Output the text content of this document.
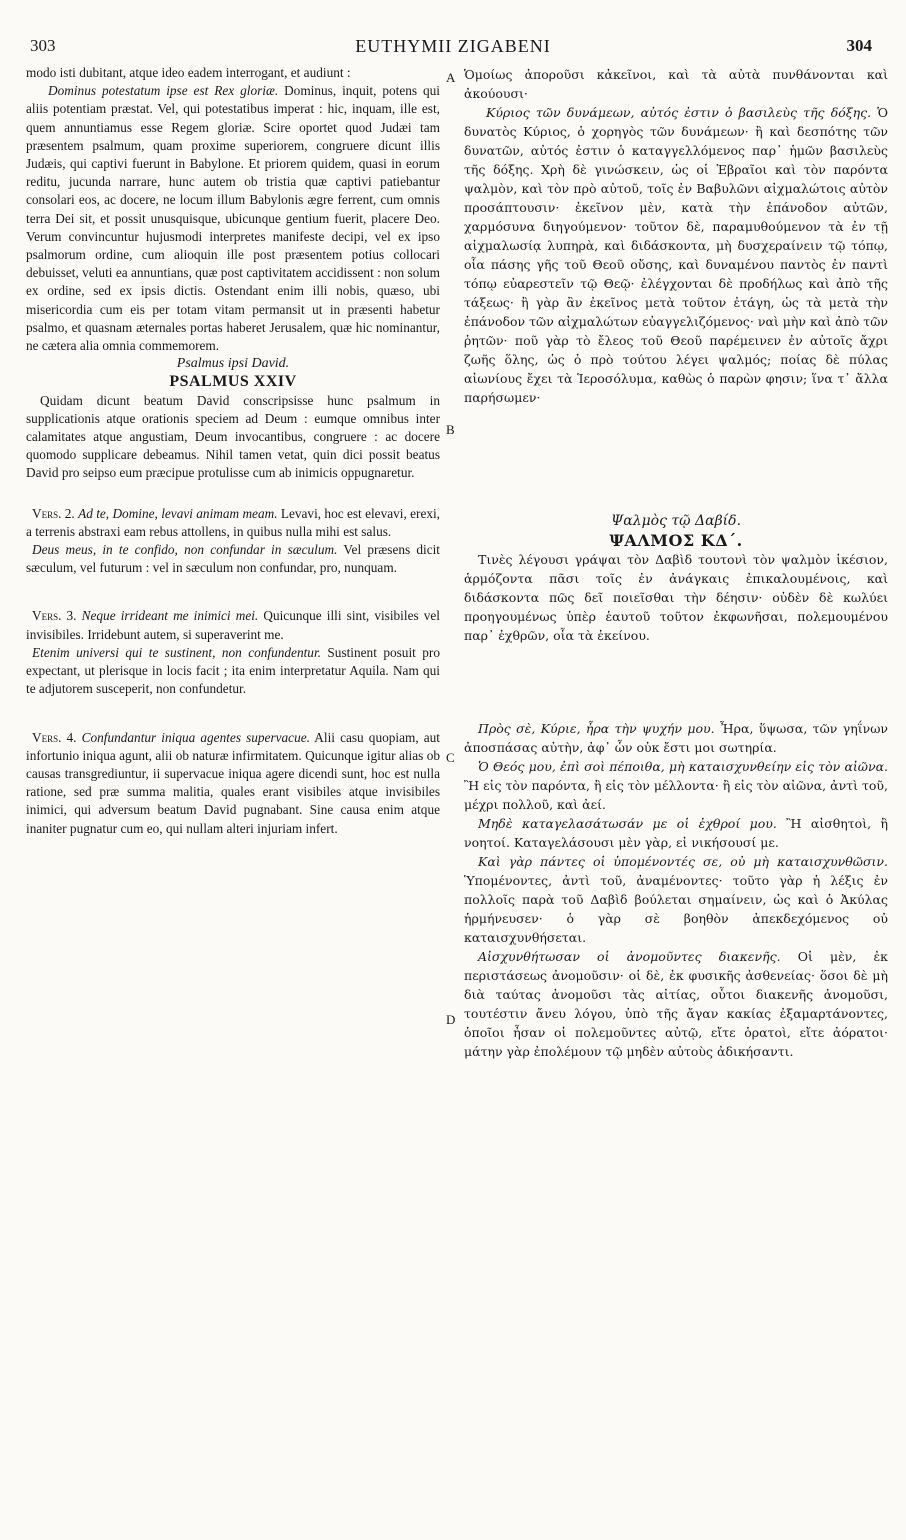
303	EUTHYMII ZIGABENI	304
A
B
C
D

modo isti dubitant, atque ideo eadem interrogant, et audiunt :

Dominus potestatum ipse est Rex gloriæ. Dominus, inquit, potens qui aliis potentiam præstat. Vel, qui potestatibus imperat : hic, inquam, ille est, quem annuntiamus esse Regem gloriæ. Scire oportet quod Judæi tam præsentem psalmum, quam proxime superiorem, congruere dicunt illis Judæis, qui captivi fuerunt in Babylone. Et priorem quidem, quasi in eorum reditu, jucunda narrare, hunc autem ob tristia quæ captivi patiebantur consolari eos, ac docere, ne locum illum Babylonis ægre ferrent, cum omnis terra Dei sit, et possit unusquisque, ubicunque gentium fuerit, placere Deo. Verum convincuntur hujusmodi interpretes manifeste decipi, vel ex ipso psalmorum ordine, cum alioquin ille post præsentem potius collocari debuisset, veluti ea annuntians, quæ post captivitatem accidissent : non solum ex ordine, sed ex ipsis dictis. Ostendant enim illi nobis, quæso, ubi misericordia cum eis per totam vitam permansit ut in præsenti habetur psalmo, et quasnam æternales portas haberet Jerusalem, quæ hic nominantur, ne cætera alia omnia commemorem.

Psalmus ipsi David.

PSALMUS XXIV

Quidam dicunt beatum David conscripsisse hunc psalmum in supplicationis atque orationis speciem ad Deum : eumque omnibus inter calamitates atque angustiam, Deum invocantibus, congruere : ac docere quomodo supplicare debeamus. Nihil tamen vetat, quin dici possit beatus David pro seipso eum præcipue protulisse cum ab inimicis oppugnaretur.

Vers. 2. Ad te, Domine, levavi animam meam. Levavi, hoc est elevavi, erexi, a terrenis abstraxi eam rebus attollens, in quibus nulla mihi est salus.

Deus meus, in te confido, non confundar in sæculum. Vel præsens dicit sæculum, vel futurum : vel in sæculum non confundar, pro, nunquam.

Vers. 3. Neque irrideant me inimici mei. Quicunque illi sint, visibiles vel invisibiles. Irridebunt autem, si superaverint me.

Etenim universi qui te sustinent, non confundentur. Sustinent posuit pro expectant, ut plerisque in locis facit ; ita enim interpretatur Aquila. Nam qui te adjutorem susceperit, non confundetur.

Vers. 4. Confundantur iniqua agentes supervacue. Alii casu quopiam, aut infortunio iniqua agunt, alii ob naturæ infirmitatem. Quicunque igitur alias ob causas transgrediuntur, ii supervacue iniqua agere dicendi sunt, hoc est nulla ratione, sed præ summa malitia, quales erant visibiles atque invisibiles inimici, qui adversum beatum David pugnabant. Sine causa enim atque inaniter pugnatur cum eo, qui nullam alteri injuriam infert.

Ὁμοίως ἀποροῦσι κἀκεῖνοι, καὶ τὰ αὐτὰ πυνθάνονται καὶ ἀκούουσι·

Κύριος τῶν δυνάμεων, αὐτός ἐστιν ὁ βασιλεὺς τῆς δόξης. Ὁ δυνατὸς Κύριος, ὁ χορηγὸς τῶν δυνάμεων· ἢ καὶ δεσπότης τῶν δυνατῶν, αὐτός ἐστιν ὁ καταγγελλόμενος παρ᾽ ἡμῶν βασιλεὺς τῆς δόξης. Χρὴ δὲ γινώσκειν, ὡς οἱ Ἑβραῖοι καὶ τὸν παρόντα ψαλμὸν, καὶ τὸν πρὸ αὐτοῦ, τοῖς ἐν Βαβυλῶνι αἰχμαλώτοις αὐτὸν προσάπτουσιν· ἐκεῖνον μὲν, κατὰ τὴν ἐπάνοδον αὐτῶν, χαρμόσυνα διηγούμενον· τοῦτον δὲ, παραμυθούμενον τὰ ἐν τῇ αἰχμαλωσίᾳ λυπηρὰ, καὶ διδάσκοντα, μὴ δυσχεραίνειν τῷ τόπῳ, οἷα πάσης γῆς τοῦ Θεοῦ οὔσης, καὶ δυναμένου παντὸς ἐν παντὶ τόπῳ εὐαρεστεῖν τῷ Θεῷ· ἐλέγχονται δὲ προδήλως καὶ ἀπὸ τῆς τάξεως· ἢ γὰρ ἂν ἐκεῖνος μετὰ τοῦτον ἐτάγη, ὡς τὰ μετὰ τὴν ἐπάνοδον τῶν αἰχμαλώτων εὐαγγελιζόμενος· ναὶ μὴν καὶ ἀπὸ τῶν ῥητῶν· ποῦ γὰρ τὸ ἔλεος τοῦ Θεοῦ παρέμεινεν ἐν αὐτοῖς ἄχρι ζωῆς ὅλης, ὡς ὁ πρὸ τούτου λέγει ψαλμός; ποίας δὲ πύλας αἰωνίους ἔχει τὰ Ἱεροσόλυμα, καθὼς ὁ παρὼν φησιν; ἵνα τ᾽ ἄλλα παρήσωμεν·

Ψαλμὸς τῷ Δαβίδ.

ΨΑΛΜΟΣ ΚΔ΄.

Τινὲς λέγουσι γράψαι τὸν Δαβὶδ τουτονὶ τὸν ψαλμὸν ἱκέσιον, ἁρμόζοντα πᾶσι τοῖς ἐν ἀνάγκαις ἐπικαλουμένοις, καὶ διδάσκοντα πῶς δεῖ ποιεῖσθαι τὴν δέησιν· οὐδὲν δὲ κωλύει προηγουμένως ὑπὲρ ἑαυτοῦ τοῦτον ἐκφωνῆσαι, πολεμουμένου παρ᾽ ἐχθρῶν, οἷα τὰ ἐκείνου.

Πρὸς σὲ, Κύριε, ἦρα τὴν ψυχήν μου. Ἦρα, ὕψωσα, τῶν γηΐνων ἀποσπάσας αὐτὴν, ἀφ᾽ ὧν οὐκ ἔστι μοι σωτηρία.

Ὁ Θεός μου, ἐπὶ σοὶ πέποιθα, μὴ καταισχυνθείην εἰς τὸν αἰῶνα. Ἢ εἰς τὸν παρόντα, ἢ εἰς τὸν μέλλοντα· ἢ εἰς τὸν αἰῶνα, ἀντὶ τοῦ, μέχρι πολλοῦ, καὶ ἀεί.

Μηδὲ καταγελασάτωσάν με οἱ ἐχθροί μου. Ἢ αἰσθητοὶ, ἢ νοητοί. Καταγελάσουσι μὲν γὰρ, εἰ νικήσουσί με.

Καὶ γὰρ πάντες οἱ ὑπομένοντές σε, οὐ μὴ καταισχυνθῶσιν. Ὑπομένοντες, ἀντὶ τοῦ, ἀναμένοντες· τοῦτο γὰρ ἡ λέξις ἐν πολλοῖς παρὰ τοῦ Δαβὶδ βούλεται σημαίνειν, ὡς καὶ ὁ Ἀκύλας ἡρμήνευσεν· ὁ γὰρ σὲ βοηθὸν ἀπεκδεχόμενος οὐ καταισχυνθήσεται.

Αἰσχυνθήτωσαν οἱ ἀνομοῦντες διακενῆς. Οἱ μὲν, ἐκ περιστάσεως ἀνομοῦσιν· οἱ δὲ, ἐκ φυσικῆς ἀσθενείας· ὅσοι δὲ μὴ διὰ ταύτας ἀνομοῦσι τὰς αἰτίας, οὗτοι διακενῆς ἀνομοῦσι, τουτέστιν ἄνευ λόγου, ὑπὸ τῆς ἄγαν κακίας ἐξαμαρτάνοντες, ὁποῖοι ἦσαν οἱ πολεμοῦντες αὐτῷ, εἴτε ὁρατοὶ, εἴτε ἀόρατοι· μάτην γὰρ ἐπολέμουν τῷ μηδὲν αὐτοὺς ἀδικήσαντι.
